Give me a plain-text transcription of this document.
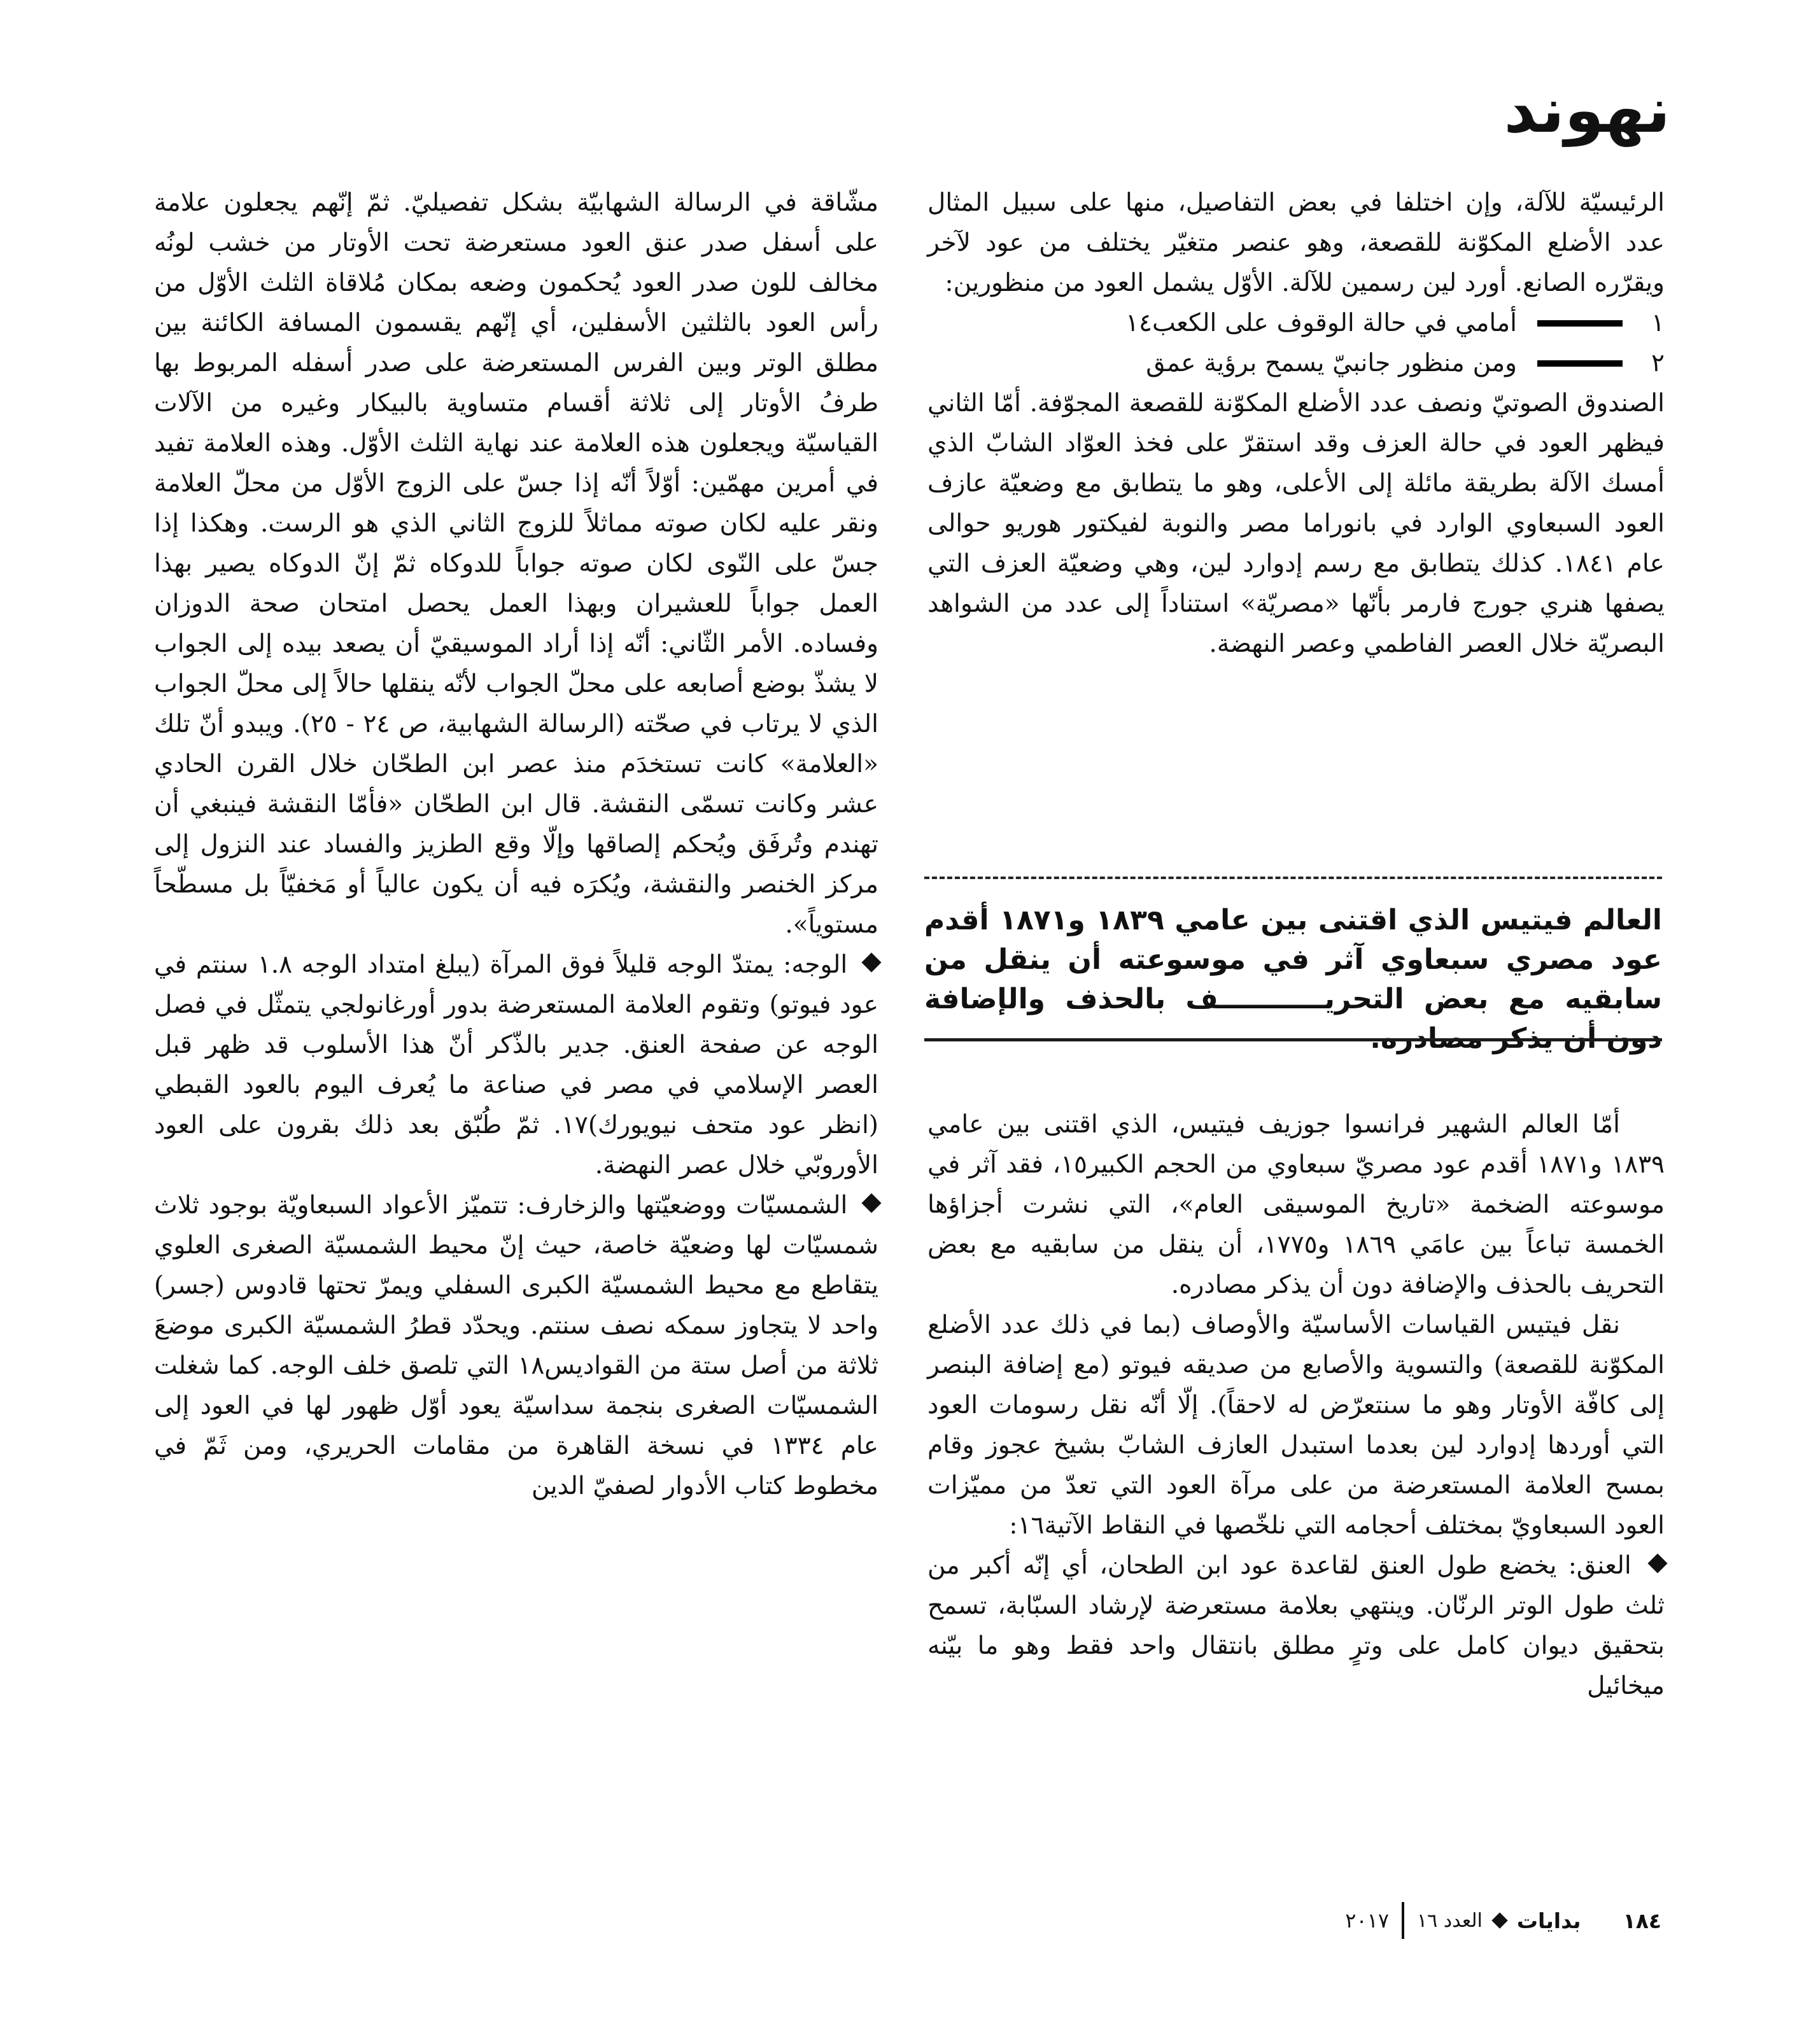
نهوند

الرئيسيّة للآلة، وإن اختلفا في بعض التفاصيل، منها على سبيل المثال عدد الأضلع المكوّنة للقصعة، وهو عنصر متغيّر يختلف من عود لآخر ويقرّره الصانع. أورد لين رسمين للآلة. الأوّل يشمل العود من منظورين:

١
أمامي في حالة الوقوف على الكعب١٤
٢
ومن منظور جانبيّ يسمح برؤية عمق

الصندوق الصوتيّ ونصف عدد الأضلع المكوّنة للقصعة المجوّفة. أمّا الثاني فيظهر العود في حالة العزف وقد استقرّ على فخذ العوّاد الشابّ الذي أمسك الآلة بطريقة مائلة إلى الأعلى، وهو ما يتطابق مع وضعيّة عازف العود السبعاوي الوارد في بانوراما مصر والنوبة لفيكتور هوريو حوالى عام ١٨٤١. كذلك يتطابق مع رسم إدوارد لين، وهي وضعيّة العزف التي يصفها هنري جورج فارمر بأنّها «مصريّة» استناداً إلى عدد من الشواهد البصريّة خلال العصر الفاطمي وعصر النهضة.

العالم فيتيس الذي اقتنى بين عامي ١٨٣٩ و١٨٧١ أقدم عود مصري سبعاوي آثر في موسوعته أن ينقل من سابقيه مع بعض التحريـــــــــــف بالحذف والإضافة دون أن يذكر مصادره.

أمّا العالم الشهير فرانسوا جوزيف فيتيس، الذي اقتنى بين عامي ١٨٣٩ و١٨٧١ أقدم عود مصريّ سبعاوي من الحجم الكبير١٥، فقد آثر في موسوعته الضخمة «تاريخ الموسيقى العام»، التي نشرت أجزاؤها الخمسة تباعاً بين عامَي ١٨٦٩ و١٧٧٥، أن ينقل من سابقيه مع بعض التحريف بالحذف والإضافة دون أن يذكر مصادره.

نقل فيتيس القياسات الأساسيّة والأوصاف (بما في ذلك عدد الأضلع المكوّنة للقصعة) والتسوية والأصابع من صديقه فيوتو (مع إضافة البنصر إلى كافّة الأوتار وهو ما سنتعرّض له لاحقاً). إلّا أنّه نقل رسومات العود التي أوردها إدوارد لين بعدما استبدل العازف الشابّ بشيخ عجوز وقام بمسح العلامة المستعرضة من على مرآة العود التي تعدّ من مميّزات العود السبعاويّ بمختلف أحجامه التي نلخّصها في النقاط الآتية١٦:

العنق: يخضع طول العنق لقاعدة عود ابن الطحان، أي إنّه أكبر من ثلث طول الوتر الرنّان. وينتهي بعلامة مستعرضة لإرشاد السبّابة، تسمح بتحقيق ديوان كامل على وترٍ مطلق بانتقال واحد فقط وهو ما بيّنه ميخائيل

مشّاقة في الرسالة الشهابيّة بشكل تفصيليّ. ثمّ إنّهم يجعلون علامة على أسفل صدر عنق العود مستعرضة تحت الأوتار من خشب لونُه مخالف للون صدر العود يُحكمون وضعه بمكان مُلاقاة الثلث الأوّل من رأس العود بالثلثين الأسفلين، أي إنّهم يقسمون المسافة الكائنة بين مطلق الوتر وبين الفرس المستعرضة على صدر أسفله المربوط بها طرفُ الأوتار إلى ثلاثة أقسام متساوية بالبيكار وغيره من الآلات القياسيّة ويجعلون هذه العلامة عند نهاية الثلث الأوّل. وهذه العلامة تفيد في أمرين مهمّين: أوّلاً أنّه إذا جسّ على الزوج الأوّل من محلّ العلامة ونقر عليه لكان صوته مماثلاً للزوج الثاني الذي هو الرست. وهكذا إذا جسّ على النّوى لكان صوته جواباً للدوكاه ثمّ إنّ الدوكاه يصير بهذا العمل جواباً للعشيران وبهذا العمل يحصل امتحان صحة الدوزان وفساده. الأمر الثّاني: أنّه إذا أراد الموسيقيّ أن يصعد بيده إلى الجواب لا يشذّ بوضع أصابعه على محلّ الجواب لأنّه ينقلها حالاً إلى محلّ الجواب الذي لا يرتاب في صحّته (الرسالة الشهابية، ص ٢٤ - ٢٥). ويبدو أنّ تلك «العلامة» كانت تستخدَم منذ عصر ابن الطحّان خلال القرن الحادي عشر وكانت تسمّى النقشة. قال ابن الطحّان «فأمّا النقشة فينبغي أن تهندم وتُرفَق ويُحكم إلصاقها وإلّا وقع الطزيز والفساد عند النزول إلى مركز الخنصر والنقشة، ويُكرَه فيه أن يكون عالياً أو مَخفيّاً بل مسطّحاً مستوياً».

الوجه: يمتدّ الوجه قليلاً فوق المرآة (يبلغ امتداد الوجه ١.٨ سنتم في عود فيوتو) وتقوم العلامة المستعرضة بدور أورغانولجي يتمثّل في فصل الوجه عن صفحة العنق. جدير بالذّكر أنّ هذا الأسلوب قد ظهر قبل العصر الإسلامي في مصر في صناعة ما يُعرف اليوم بالعود القبطي (انظر عود متحف نيويورك)١٧. ثمّ طُبّق بعد ذلك بقرون على العود الأوروبّي خلال عصر النهضة.

الشمسيّات ووضعيّتها والزخارف: تتميّز الأعواد السبعاويّة بوجود ثلاث شمسيّات لها وضعيّة خاصة، حيث إنّ محيط الشمسيّة الصغرى العلوي يتقاطع مع محيط الشمسيّة الكبرى السفلي ويمرّ تحتها قادوس (جسر) واحد لا يتجاوز سمكه نصف سنتم. ويحدّد قطرُ الشمسيّة الكبرى موضعَ ثلاثة من أصل ستة من القواديس١٨ التي تلصق خلف الوجه. كما شغلت الشمسيّات الصغرى بنجمة سداسيّة يعود أوّل ظهور لها في العود إلى عام ١٣٣٤ في نسخة القاهرة من مقامات الحريري، ومن ثَمّ في مخطوط كتاب الأدوار لصفيّ الدين

١٨٤
بدايات
العدد ١٦
٢٠١٧
